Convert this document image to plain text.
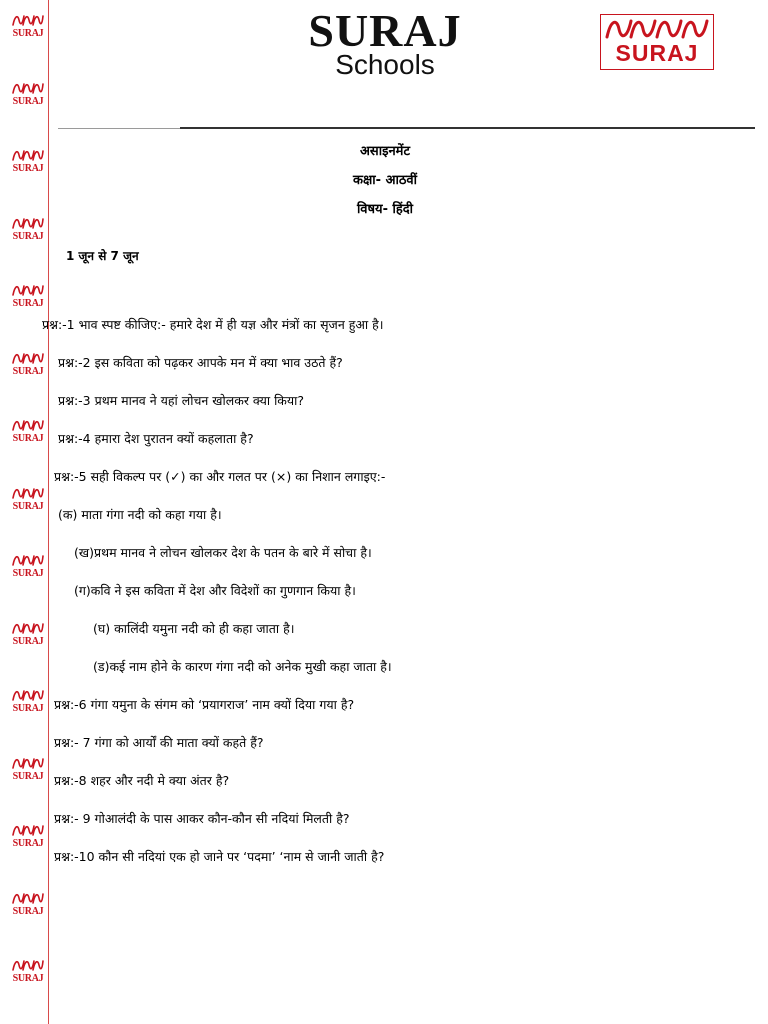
SURAJ
SURAJ
SURAJ
SURAJ
SURAJ
SURAJ
SURAJ
SURAJ
SURAJ
SURAJ
SURAJ
SURAJ
SURAJ
SURAJ
SURAJ
SURAJ
Schools	SURAJ
असाइनमेंट
कक्षा- आठवीं
विषय- हिंदी
1 जून से 7 जून
प्रश्न:-1 भाव स्पष्ट कीजिए:- हमारे देश में ही यज्ञ और मंत्रों का सृजन हुआ है।
प्रश्न:-2 इस कविता को पढ़कर आपके मन में क्या भाव उठते हैं?
प्रश्न:-3 प्रथम मानव ने यहां लोचन खोलकर क्या किया?
प्रश्न:-4 हमारा देश पुरातन क्यों कहलाता है?
प्रश्न:-5 सही विकल्प पर (✓) का और गलत पर (×) का निशान लगाइए:-
(क) माता गंगा नदी को कहा गया है।
(ख)प्रथम मानव ने लोचन खोलकर देश के पतन के बारे में सोचा है।
(ग)कवि ने इस कविता में देश और विदेशों का गुणगान किया है।
(घ) कालिंदी यमुना नदी को ही कहा जाता है।
(ड)कई नाम होने के कारण गंगा नदी को अनेक मुखी कहा जाता है।
प्रश्न:-6 गंगा यमुना के संगम को ‘प्रयागराज’ नाम क्यों दिया गया है?
प्रश्न:- 7 गंगा को आर्यों की माता क्यों कहते हैं?
प्रश्न:-8 शहर और नदी मे क्या अंतर है?
प्रश्न:- 9 गोआलंदी के पास आकर कौन-कौन सी नदियां मिलती है?
प्रश्न:-10 कौन सी नदियां एक हो जाने पर ‘पदमा’ ‘नाम से जानी जाती है?
